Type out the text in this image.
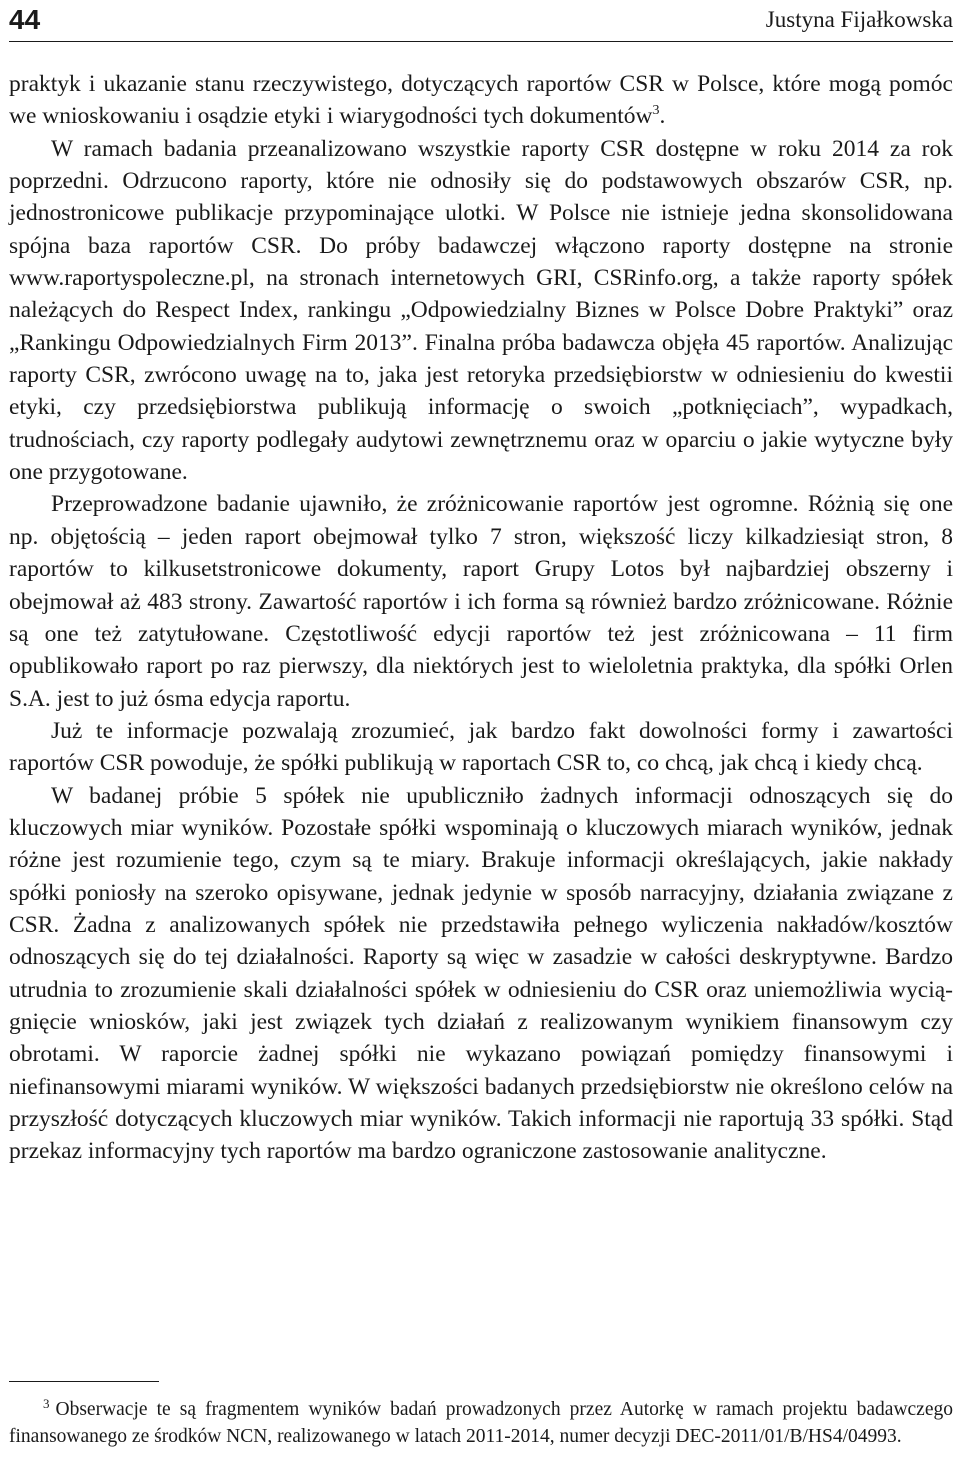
44	Justyna Fijałkowska

praktyk i ukazanie stanu rzeczywistego, dotyczących raportów CSR w Polsce, które mogą pomóc we wnioskowaniu i osądzie etyki i wiarygodności tych dokumentów$^3$.

W ramach badania przeanalizowano wszystkie raporty CSR dostępne w roku 2014 za rok poprzedni. Odrzucono raporty, które nie odnosiły się do podstawowych obszarów CSR, np. jednostronicowe publikacje przypominające ulotki. W Polsce nie istnieje jedna skonsolidowana spójna baza raportów CSR. Do próby badawczej włączono raporty dostępne na stronie www.raportyspoleczne.pl, na stronach internetowych GRI, CSRinfo.org, a także raporty spółek należących do Respect Index, rankingu „Odpowiedzialny Biznes w Polsce Dobre Praktyki” oraz „Rankingu Odpowiedzialnych Firm 2013”. Finalna próba badawcza objęła 45 raportów. Analizując raporty CSR, zwrócono uwagę na to, jaka jest retoryka przedsiębiorstw w odniesieniu do kwestii etyki, czy przedsiębiorstwa publikują informację o swoich „potknięciach”, wypadkach, trudnościach, czy raporty podlegały audytowi zewnętrznemu oraz w oparciu o jakie wytyczne były one przygotowane.

Przeprowadzone badanie ujawniło, że zróżnicowanie raportów jest ogromne. Różnią się one np. objętością – jeden raport obejmował tylko 7 stron, większość liczy kilkadziesiąt stron, 8 raportów to kilkusetstronicowe dokumenty, raport Grupy Lotos był najbardziej obszerny i obejmował aż 483 strony. Zawartość raportów i ich forma są również bardzo zróżnicowane. Różnie są one też zatytułowane. Częstotliwość edycji raportów też jest zróżnicowana – 11 firm opublikowało raport po raz pierwszy, dla niektórych jest to wieloletnia praktyka, dla spółki Orlen S.A. jest to już ósma edycja raportu.

Już te informacje pozwalają zrozumieć, jak bardzo fakt dowolności formy i zawartości raportów CSR powoduje, że spółki publikują w raportach CSR to, co chcą, jak chcą i kiedy chcą.

W badanej próbie 5 spółek nie upubliczniło żadnych informacji odnoszących się do kluczowych miar wyników. Pozostałe spółki wspominają o kluczowych miarach wyników, jednak różne jest rozumienie tego, czym są te miary. Brakuje informacji określających, jakie nakłady spółki poniosły na szeroko opisywane, jednak jedynie w sposób narracyjny, działania związane z CSR. Żadna z analizowanych spółek nie przedstawiła pełnego wyliczenia nakładów/kosztów odnoszących się do tej działalności. Raporty są więc w zasadzie w całości deskryptywne. Bardzo utrudnia to zrozumienie skali działalności spółek w odniesieniu do CSR oraz uniemożliwia wyciągnięcie wniosków, jaki jest związek tych działań z realizowanym wynikiem finansowym czy obrotami. W raporcie żadnej spółki nie wykazano powiązań pomiędzy finansowymi i niefinansowymi miarami wyników. W większości badanych przedsiębiorstw nie określono celów na przyszłość dotyczących kluczowych miar wyników. Takich informacji nie raportują 33 spółki. Stąd przekaz informacyjny tych raportów ma bardzo ograniczone zastosowanie analityczne.

$^3$ Obserwacje te są fragmentem wyników badań prowadzonych przez Autorkę w ramach projektu badawczego finansowanego ze środków NCN, realizowanego w latach 2011-2014, numer decyzji DEC-2011/01/B/HS4/04993.
